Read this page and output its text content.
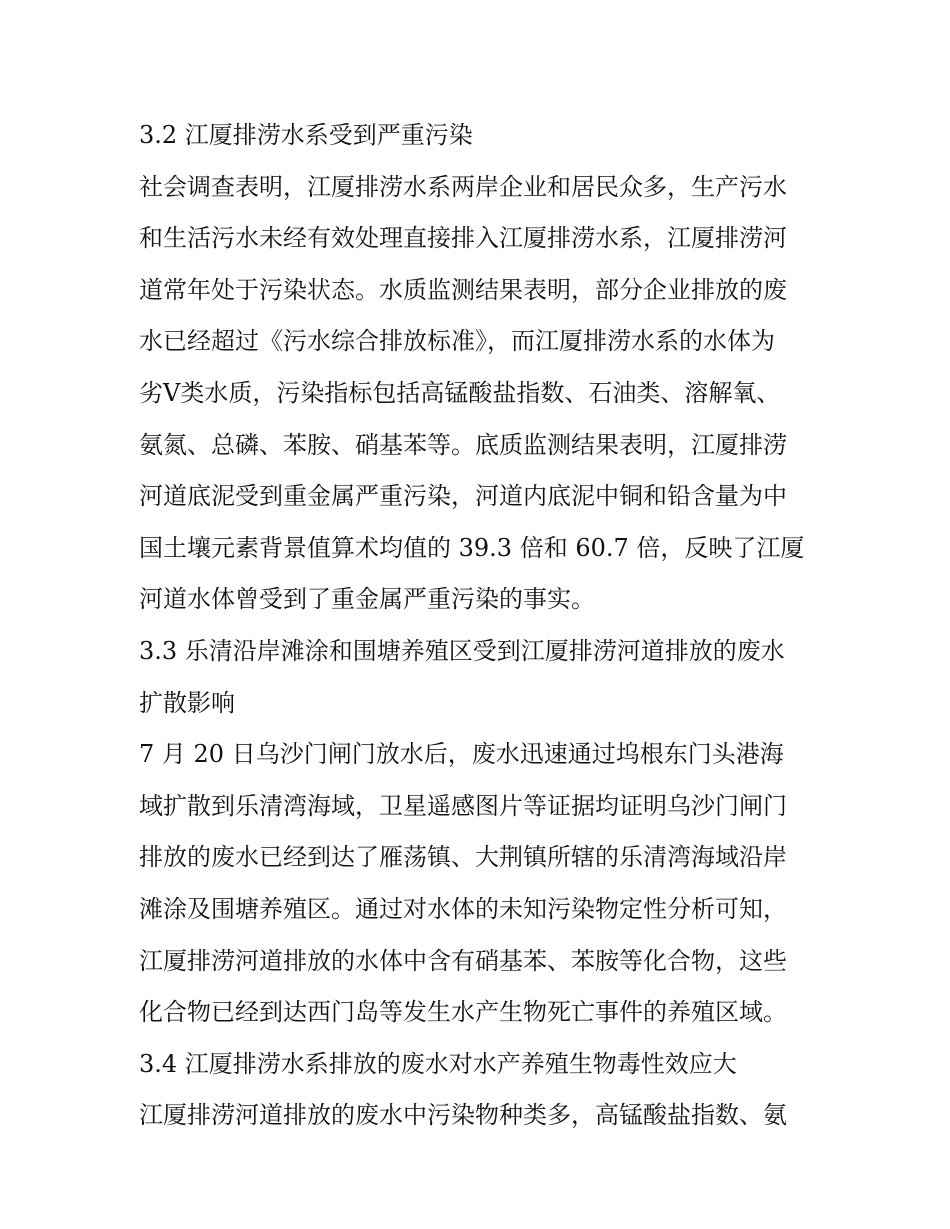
3.2 江厦排涝水系受到严重污染
社会调查表明，江厦排涝水系两岸企业和居民众多，生产污水
和生活污水未经有效处理直接排入江厦排涝水系，江厦排涝河
道常年处于污染状态。水质监测结果表明，部分企业排放的废
水已经超过《污水综合排放标准》，而江厦排涝水系的水体为
劣Ⅴ类水质，污染指标包括高锰酸盐指数、石油类、溶解氧、
氨氮、总磷、苯胺、硝基苯等。底质监测结果表明，江厦排涝
河道底泥受到重金属严重污染，河道内底泥中铜和铅含量为中
国土壤元素背景值算术均值的 39.3 倍和 60.7 倍，反映了江厦
河道水体曾受到了重金属严重污染的事实。
3.3 乐清沿岸滩涂和围塘养殖区受到江厦排涝河道排放的废水
扩散影响
7 月 20 日乌沙门闸门放水后，废水迅速通过坞根东门头港海
域扩散到乐清湾海域，卫星遥感图片等证据均证明乌沙门闸门
排放的废水已经到达了雁荡镇、大荆镇所辖的乐清湾海域沿岸
滩涂及围塘养殖区。通过对水体的未知污染物定性分析可知，
江厦排涝河道排放的水体中含有硝基苯、苯胺等化合物，这些
化合物已经到达西门岛等发生水产生物死亡事件的养殖区域。
3.4 江厦排涝水系排放的废水对水产养殖生物毒性效应大
江厦排涝河道排放的废水中污染物种类多，高锰酸盐指数、氨
